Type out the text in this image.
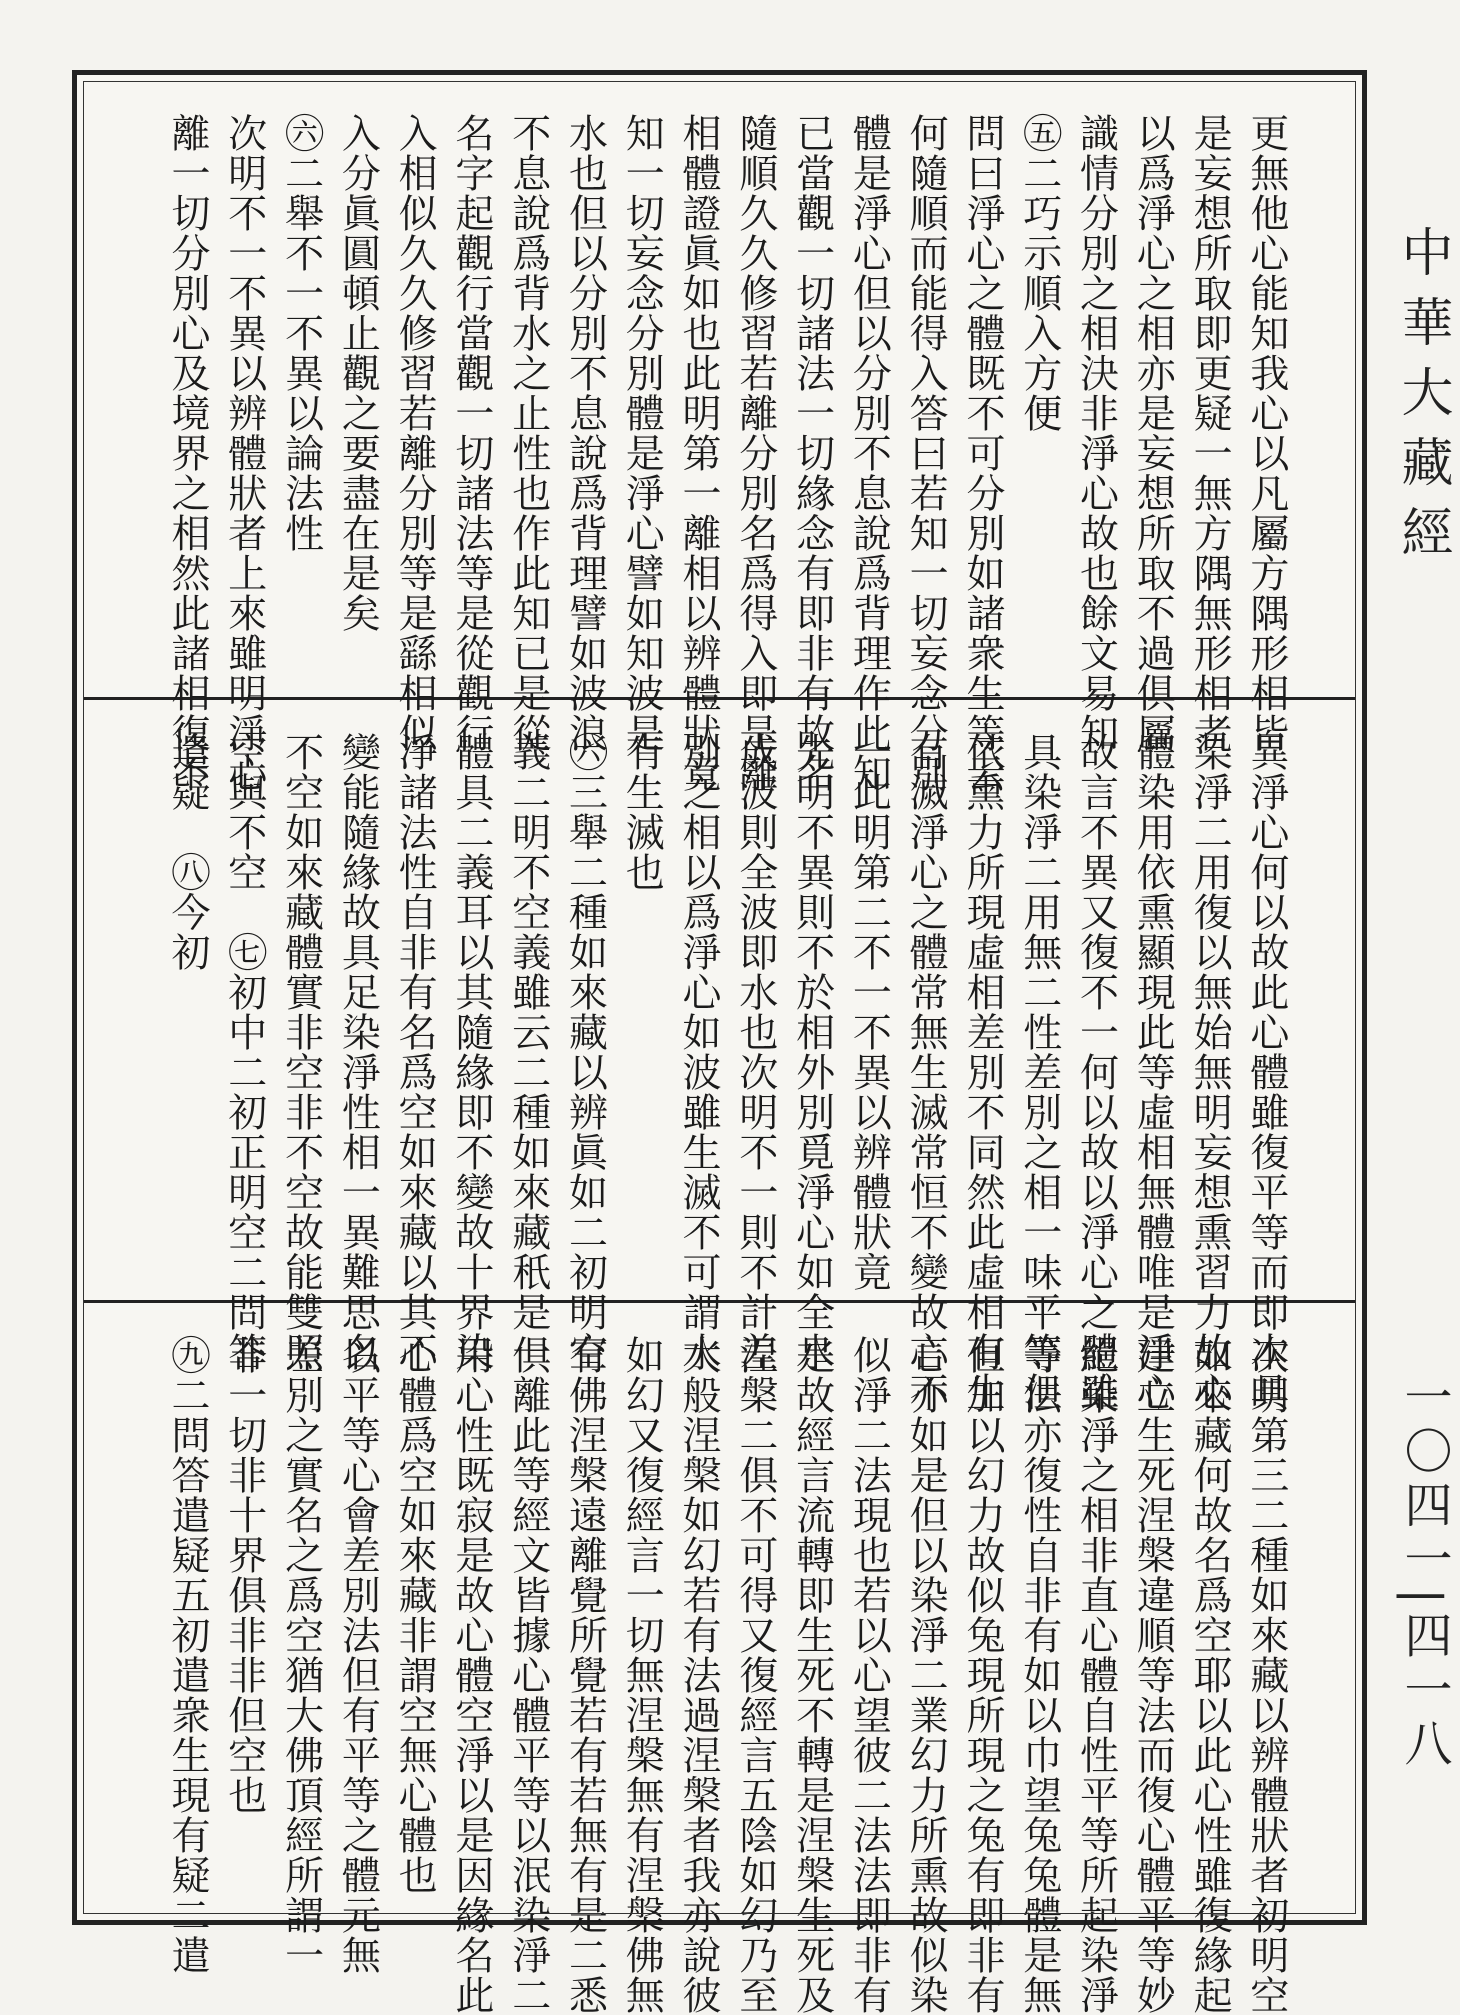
中華大藏經
一〇四一|四一八
更無他心能知我心以凡屬方隅形相皆
是妄想所取即更疑一無方隅無形相者
以爲淨心之相亦是妄想所取不過俱屬
識情分別之相決非淨心故也餘文易知
㊄二巧示順入方便
問曰淨心之體既不可分別如諸衆生等云
何隨順而能得入答曰若知一切妄念分別
體是淨心但以分別不息說爲背理作此知
已當觀一切諸法一切緣念有即非有故名
隨順久久修習若離分別名爲得入即是離
相體證眞如也此明第一離相以辨體狀竟
知一切妄念分別體是淨心譬如知波是
水也但以分別不息說爲背理譬如波浪
不息說爲背水之止性也作此知已是從
名字起觀行當觀一切諸法等是從觀行
入相似久久修習若離分別等是繇相似
入分眞圓頓止觀之要盡在是矣
㊅二舉不一不異以論法性
次明不一不異以辨體狀者上來雖明淨心
離一切分別心及境界之相然此諸相復不
異淨心何以故此心體雖復平等而即本具
染淨二用復以無始無明妄想熏習力故心
體染用依熏顯現此等虛相無體唯是淨心
故言不異又復不一何以故以淨心之體雖
具染淨二用無二性差別之相一味平等但
依熏力所現虛相差別不同然此虛相有生
有滅淨心之體常無生滅常恒不變故言不
一此明第二不一不異以辨體狀竟
先明不異則不於相外別覓淨心如全水
成波則全波即水也次明不一則不計差
別之相以爲淨心如波雖生滅不可謂水
有生滅也
㊅三舉二種如來藏以辨眞如二初明空
義二明不空義雖云二種如來藏秖是一
體具二義耳以其隨緣即不變故十界染
淨諸法性自非有名爲空如來藏以其不
變能隨緣故具足染淨性相一異難思名
不空如來藏體實非空非不空故能雙照
空與不空　㊆初中二初正明空二問答
遣疑　㊇今初
次明第三二種如來藏以辨體狀者初明空
如來藏何故名爲空耶以此心性雖復緣起
建立生死涅槃違順等法而復心體平等妙
絕染淨之相非直心體自性平等所起染淨
等法亦復性自非有如以巾望兔兔體是無
但加以幻力故似兔現所現之兔有即非有
心亦如是但以染淨二業幻力所熏故似染
似淨二法現也若以心望彼二法法即非有
是故經言流轉即生死不轉是涅槃生死及
涅槃二俱不可得又復經言五陰如幻乃至
大般涅槃如幻若有法過涅槃者我亦說彼
如幻又復經言一切無涅槃無有涅槃佛無
有佛涅槃遠離覺所覺若有若無有是二悉
俱離此等經文皆據心體平等以泯染淨二
用心性既寂是故心體空淨以是因緣名此
心體爲空如來藏非謂空無心體也
以平等心會差別法但有平等之體元無
差別之實名之爲空猶大佛頂經所謂一
非一切非十界俱非非但空也
㊈二問答遣疑五初遣衆生現有疑二遣
